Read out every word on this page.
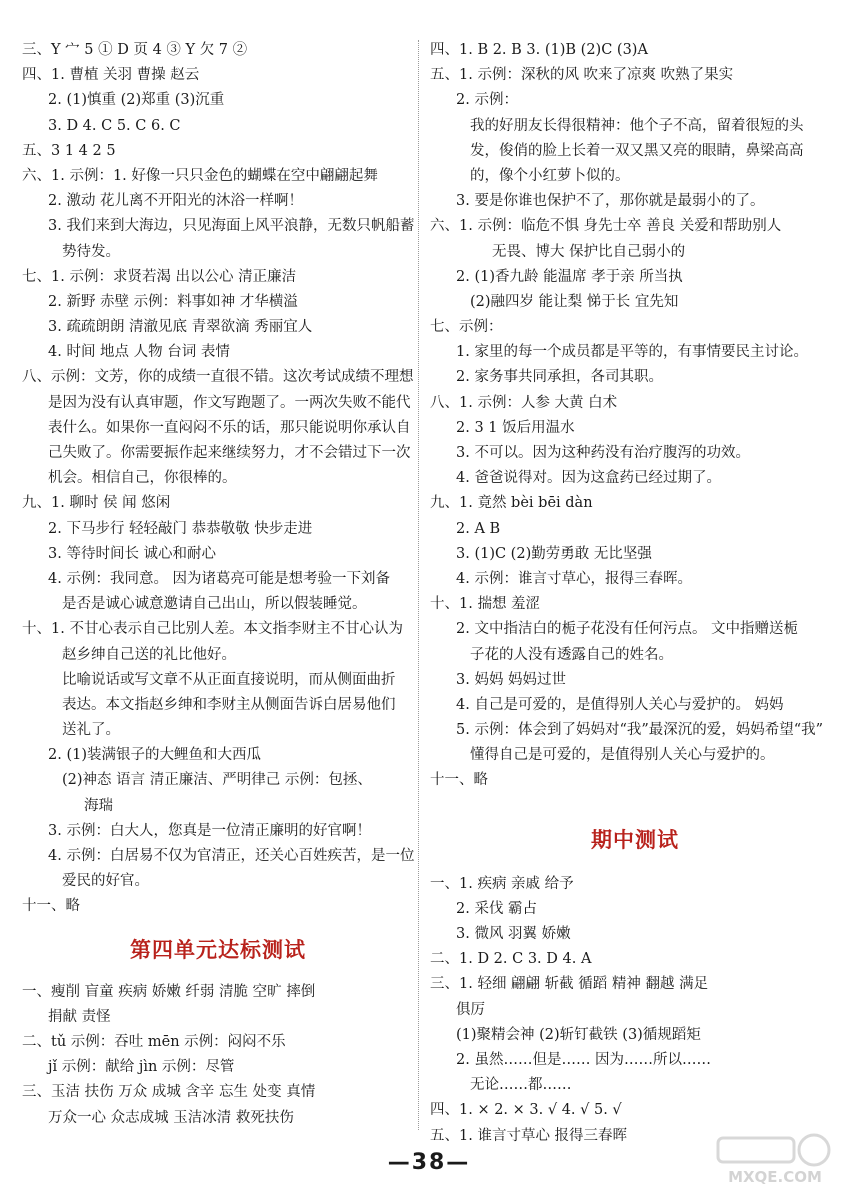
三、Y 宀 5 ① D 页 4 ③ Y 欠 7 ②
四、1. 曹植 关羽 曹操 赵云
2. (1)慎重 (2)郑重 (3)沉重
3. D 4. C 5. C 6. C
五、3 1 4 2 5
六、1. 示例：1. 好像一只只金色的蝴蝶在空中翩翩起舞
2. 激动 花儿离不开阳光的沐浴一样啊！
3. 我们来到大海边，只见海面上风平浪静，无数只帆船蓄
势待发。
七、1. 示例：求贤若渴 出以公心 清正廉洁
2. 新野 赤壁 示例：料事如神 才华横溢
3. 疏疏朗朗 清澈见底 青翠欲滴 秀丽宜人
4. 时间 地点 人物 台词 表情
八、示例：文芳，你的成绩一直很不错。这次考试成绩不理想
是因为没有认真审题，作文写跑题了。一两次失败不能代
表什么。如果你一直闷闷不乐的话，那只能说明你承认自
己失败了。你需要振作起来继续努力，才不会错过下一次
机会。相信自己，你很棒的。
九、1. 聊时 侯 闻 悠闲
2. 下马步行 轻轻敲门 恭恭敬敬 快步走进
3. 等待时间长 诚心和耐心
4. 示例：我同意。 因为诸葛亮可能是想考验一下刘备
是否是诚心诚意邀请自己出山，所以假装睡觉。
十、1. 不甘心表示自己比别人差。本文指李财主不甘心认为
赵乡绅自己送的礼比他好。
比喻说话或写文章不从正面直接说明，而从侧面曲折
表达。本文指赵乡绅和李财主从侧面告诉白居易他们
送礼了。
2. (1)装满银子的大鲤鱼和大西瓜
(2)神态 语言 清正廉洁、严明律己 示例：包拯、
海瑞
3. 示例：白大人，您真是一位清正廉明的好官啊！
4. 示例：白居易不仅为官清正，还关心百姓疾苦，是一位
爱民的好官。
十一、略
第四单元达标测试
一、瘦削 盲童 疾病 娇嫩 纤弱 清脆 空旷 摔倒
捐献 责怪
二、tǔ 示例：吞吐 mēn 示例：闷闷不乐
jǐ 示例：献给 jìn 示例：尽管
三、玉洁 扶伤 万众 成城 含辛 忘生 处变 真情
万众一心 众志成城 玉洁冰清 救死扶伤
四、1. B 2. B 3. (1)B (2)C (3)A
五、1. 示例：深秋的风 吹来了凉爽 吹熟了果实
2. 示例：
我的好朋友长得很精神：他个子不高，留着很短的头
发，俊俏的脸上长着一双又黑又亮的眼睛，鼻梁高高
的，像个小红萝卜似的。
3. 要是你谁也保护不了，那你就是最弱小的了。
六、1. 示例：临危不惧 身先士卒 善良 关爱和帮助别人
无畏、博大 保护比自己弱小的
2. (1)香九龄 能温席 孝于亲 所当执
(2)融四岁 能让梨 悌于长 宜先知
七、示例：
1. 家里的每一个成员都是平等的，有事情要民主讨论。
2. 家务事共同承担，各司其职。
八、1. 示例：人参 大黄 白术
2. 3 1 饭后用温水
3. 不可以。因为这种药没有治疗腹泻的功效。
4. 爸爸说得对。因为这盒药已经过期了。
九、1. 竟然 bèi bēi dàn
2. A B
3. (1)C (2)勤劳勇敢 无比坚强
4. 示例：谁言寸草心，报得三春晖。
十、1. 揣想 羞涩
2. 文中指洁白的栀子花没有任何污点。 文中指赠送栀
子花的人没有透露自己的姓名。
3. 妈妈 妈妈过世
4. 自己是可爱的，是值得别人关心与爱护的。 妈妈
5. 示例：体会到了妈妈对“我”最深沉的爱，妈妈希望“我”
懂得自己是可爱的，是值得别人关心与爱护的。
十一、略
期中测试
一、1. 疾病 亲戚 给予
2. 采伐 霸占
3. 微风 羽翼 娇嫩
二、1. D 2. C 3. D 4. A
三、1. 轻细 翩翩 斩截 循蹈 精神 翻越 满足
俱厉
(1)聚精会神 (2)斩钉截铁 (3)循规蹈矩
2. 虽然……但是…… 因为……所以……
无论……都……
四、1. × 2. × 3. √ 4. √ 5. √
五、1. 谁言寸草心 报得三春晖
—38—
MXQE.COM
